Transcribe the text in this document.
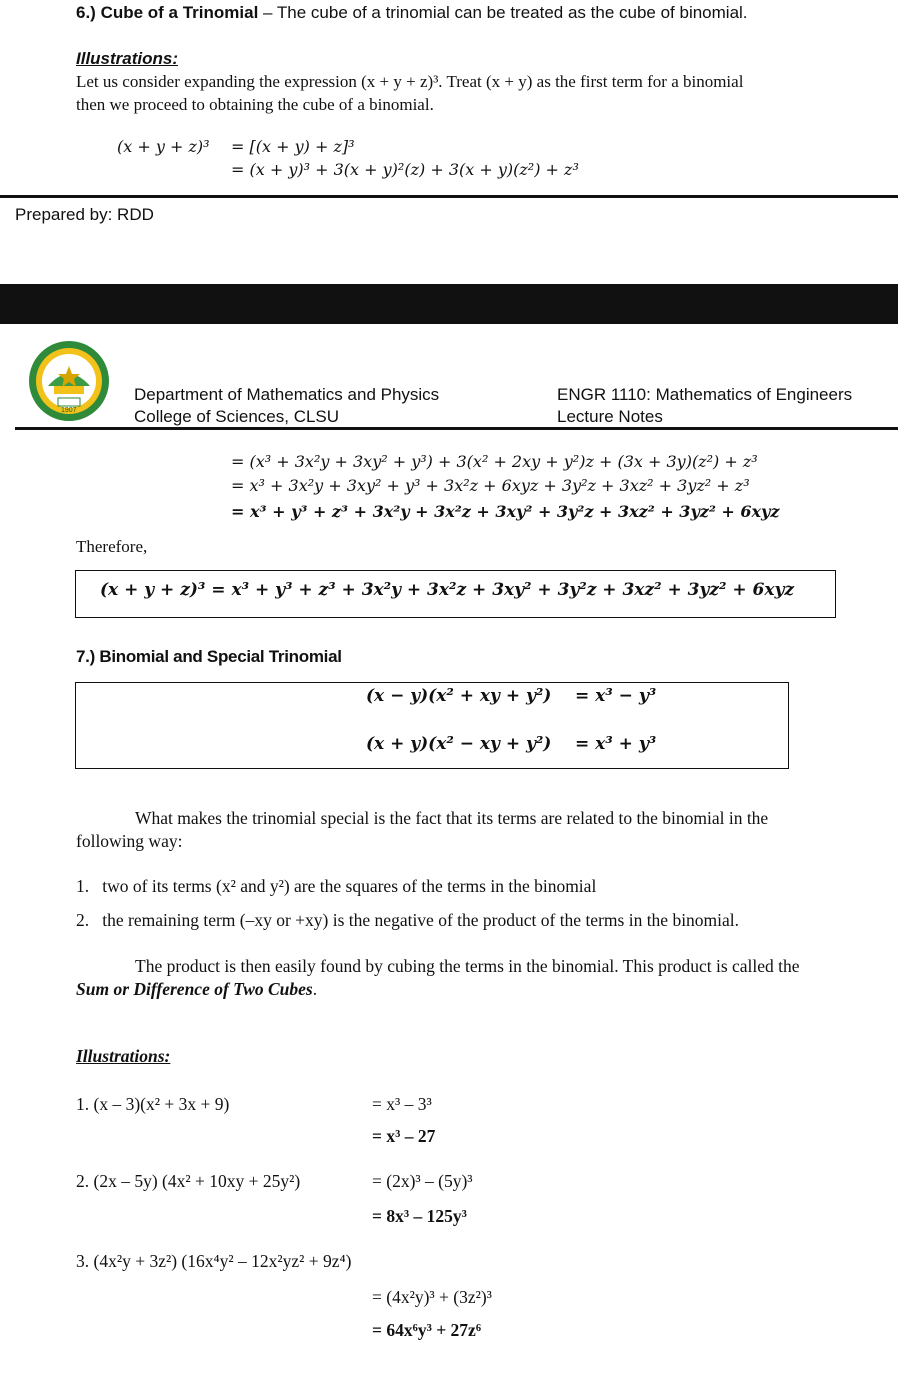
6.) Cube of a Trinomial – The cube of a trinomial can be treated as the cube of binomial.
Illustrations:
Let us consider expanding the expression (x + y + z)³. Treat (x + y) as the first term for a binomial
then we proceed to obtaining the cube of a binomial.
(x + y + z)³ = [(x + y) + z]³
= (x + y)³ + 3(x + y)²(z) + 3(x + y)(z²) + z³
Prepared by: RDD
1907
Department of Mathematics and Physics
College of Sciences, CLSU
ENGR 1110: Mathematics of Engineers
Lecture Notes
= (x³ + 3x²y + 3xy² + y³) + 3(x² + 2xy + y²)z + (3x + 3y)(z²) + z³
= x³ + 3x²y + 3xy² + y³ + 3x²z + 6xyz + 3y²z + 3xz² + 3yz² + z³
= x³ + y³ + z³ + 3x²y + 3x²z + 3xy² + 3y²z + 3xz² + 3yz² + 6xyz
Therefore,
(x + y + z)³ = x³ + y³ + z³ + 3x²y + 3x²z + 3xy² + 3y²z + 3xz² + 3yz² + 6xyz
7.) Binomial and Special Trinomial
(x − y)(x² + xy + y²) = x³ − y³
(x + y)(x² − xy + y²) = x³ + y³
What makes the trinomial special is the fact that its terms are related to the binomial in the
following way:
1.   two of its terms (x² and y²) are the squares of the terms in the binomial
2.   the remaining term (–xy or +xy) is the negative of the product of the terms in the binomial.
The product is then easily found by cubing the terms in the binomial. This product is called the
Sum or Difference of Two Cubes.
Illustrations:
1. (x – 3)(x² + 3x + 9)	= x³ – 3³
= x³ – 27
2. (2x – 5y) (4x² + 10xy + 25y²)	= (2x)³ – (5y)³
= 8x³ – 125y³
3. (4x²y + 3z²) (16x⁴y² – 12x²yz² + 9z⁴)
= (4x²y)³ + (3z²)³
= 64x⁶y³ + 27z⁶
